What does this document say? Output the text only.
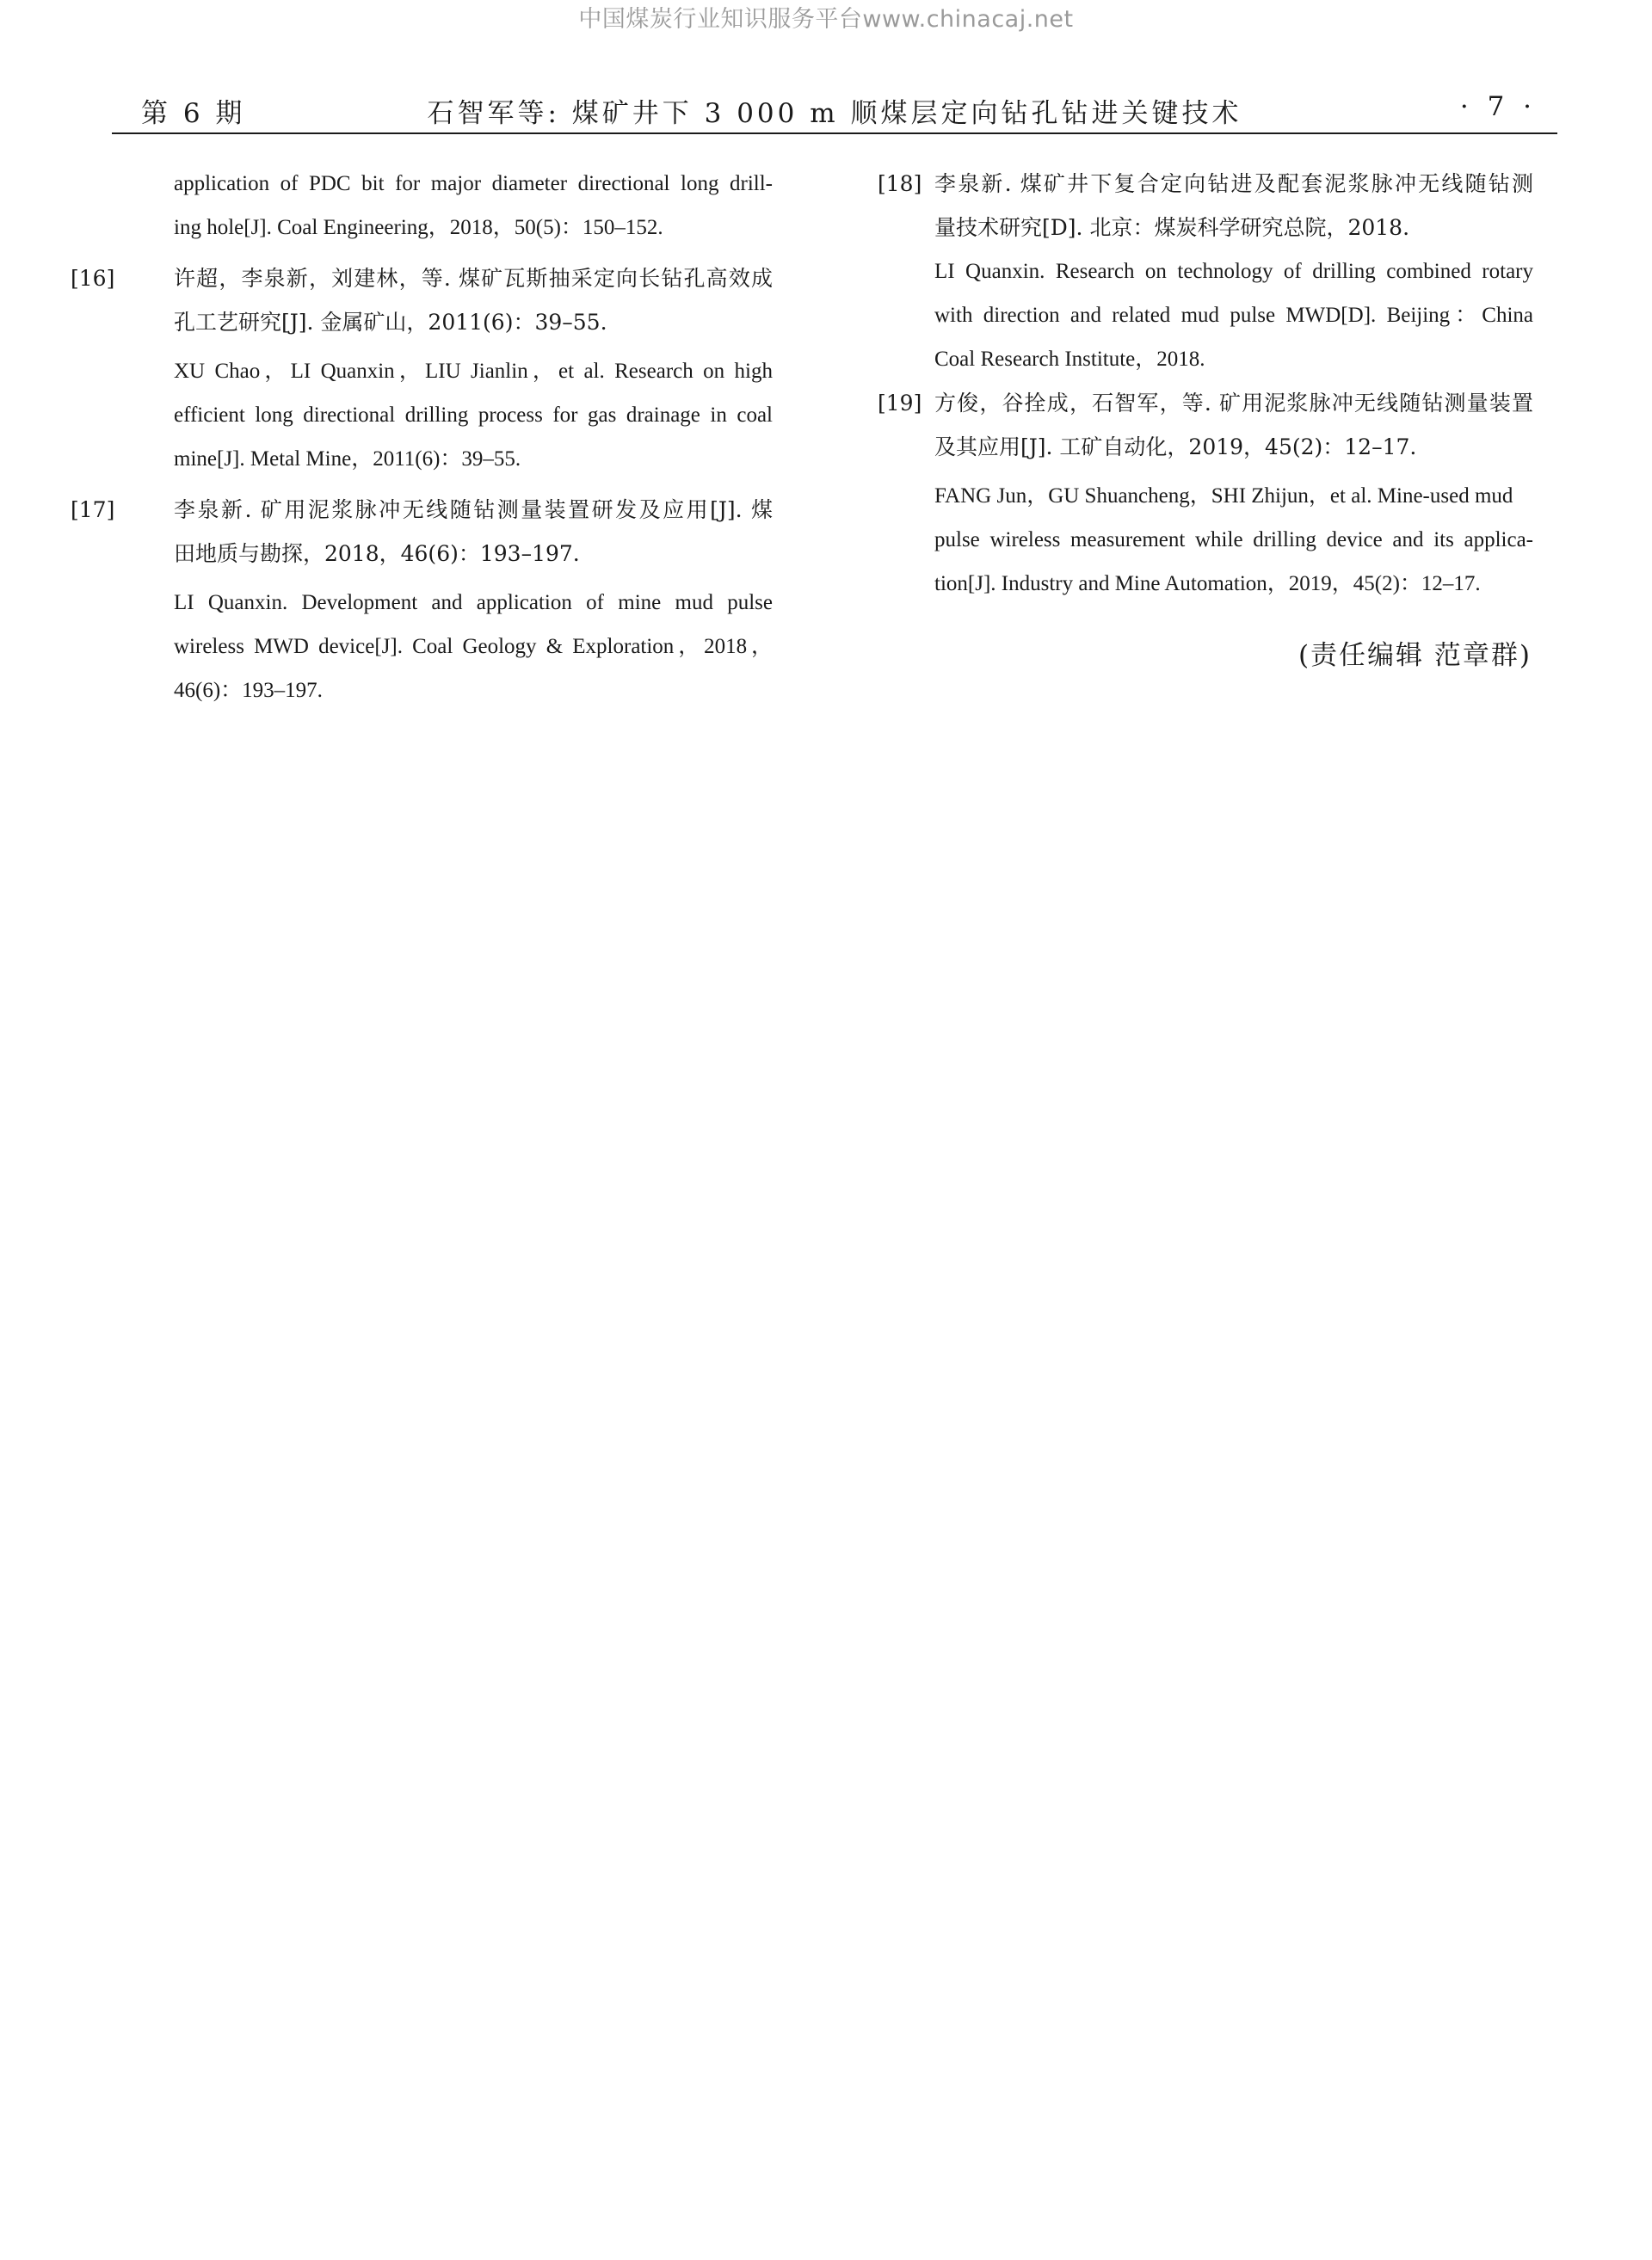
中国煤炭行业知识服务平台www.chinacaj.net
第 6 期	石智军等: 煤矿井下 3 000 m 顺煤层定向钻孔钻进关键技术	· 7 ·
application of PDC bit for major diameter directional long drill-
ing hole[J]. Coal Engineering，2018，50(5)：150–152.
[16]	许超，李泉新，刘建林，等. 煤矿瓦斯抽采定向长钻孔高效成
孔工艺研究[J]. 金属矿山，2011(6)：39–55.
XU Chao，LI Quanxin，LIU Jianlin，et al. Research on high
efficient long directional drilling process for gas drainage in coal
mine[J]. Metal Mine，2011(6)：39–55.
[17]	李泉新. 矿用泥浆脉冲无线随钻测量装置研发及应用[J]. 煤
田地质与勘探，2018，46(6)：193–197.
LI Quanxin. Development and application of mine mud pulse
wireless MWD device[J]. Coal Geology & Exploration，2018，
46(6)：193–197.
[18] 李泉新. 煤矿井下复合定向钻进及配套泥浆脉冲无线随钻测
量技术研究[D]. 北京：煤炭科学研究总院，2018.
LI Quanxin. Research on technology of drilling combined rotary
with direction and related mud pulse MWD[D]. Beijing：China
Coal Research Institute，2018.
[19] 方俊，谷拴成，石智军，等. 矿用泥浆脉冲无线随钻测量装置
及其应用[J]. 工矿自动化，2019，45(2)：12–17.
FANG Jun，GU Shuancheng，SHI Zhijun，et al. Mine-used mud
pulse wireless measurement while drilling device and its applica-
tion[J]. Industry and Mine Automation，2019，45(2)：12–17.
(责任编辑 范章群)
